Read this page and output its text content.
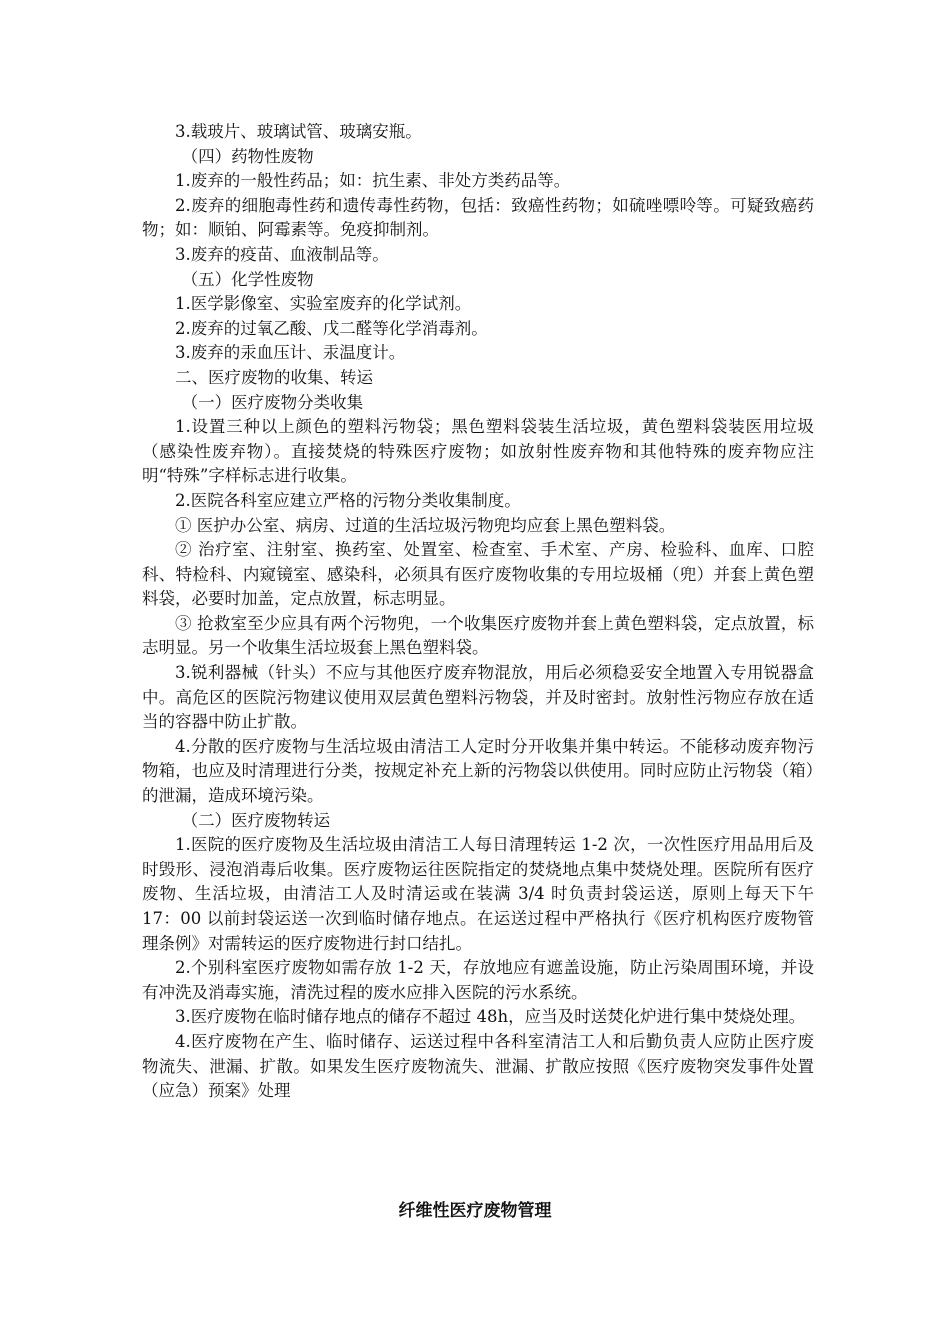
3.载玻片、玻璃试管、玻璃安瓶。

（四）药物性废物

1.废弃的一般性药品；如：抗生素、非处方类药品等。

2.废弃的细胞毒性药和遗传毒性药物，包括：致癌性药物；如硫唑嘌呤等。可疑致癌药物；如：顺铂、阿霉素等。免疫抑制剂。

3.废弃的疫苗、血液制品等。

（五）化学性废物

1.医学影像室、实验室废弃的化学试剂。

2.废弃的过氧乙酸、戊二醛等化学消毒剂。

3.废弃的汞血压计、汞温度计。

二、医疗废物的收集、转运

（一）医疗废物分类收集

1.设置三种以上颜色的塑料污物袋；黑色塑料袋装生活垃圾，黄色塑料袋装医用垃圾（感染性废弃物）。直接焚烧的特殊医疗废物；如放射性废弃物和其他特殊的废弃物应注明“特殊”字样标志进行收集。

2.医院各科室应建立严格的污物分类收集制度。

① 医护办公室、病房、过道的生活垃圾污物兜均应套上黑色塑料袋。

② 治疗室、注射室、换药室、处置室、检查室、手术室、产房、检验科、血库、口腔科、特检科、内窥镜室、感染科，必须具有医疗废物收集的专用垃圾桶（兜）并套上黄色塑料袋，必要时加盖，定点放置，标志明显。

③ 抢救室至少应具有两个污物兜，一个收集医疗废物并套上黄色塑料袋，定点放置，标志明显。另一个收集生活垃圾套上黑色塑料袋。

3.锐利器械（针头）不应与其他医疗废弃物混放，用后必须稳妥安全地置入专用锐器盒中。高危区的医院污物建议使用双层黄色塑料污物袋，并及时密封。放射性污物应存放在适当的容器中防止扩散。

4.分散的医疗废物与生活垃圾由清洁工人定时分开收集并集中转运。不能移动废弃物污物箱，也应及时清理进行分类，按规定补充上新的污物袋以供使用。同时应防止污物袋（箱）的泄漏，造成环境污染。

（二）医疗废物转运

1.医院的医疗废物及生活垃圾由清洁工人每日清理转运 1-2 次，一次性医疗用品用后及时毁形、浸泡消毒后收集。医疗废物运往医院指定的焚烧地点集中焚烧处理。医院所有医疗废物、生活垃圾，由清洁工人及时清运或在装满 3/4 时负责封袋运送，原则上每天下午 17：00 以前封袋运送一次到临时储存地点。在运送过程中严格执行《医疗机构医疗废物管理条例》对需转运的医疗废物进行封口结扎。

2.个别科室医疗废物如需存放 1-2 天，存放地应有遮盖设施，防止污染周围环境，并设有冲洗及消毒实施，清洗过程的废水应排入医院的污水系统。

3.医疗废物在临时储存地点的储存不超过 48h，应当及时送焚化炉进行集中焚烧处理。

4.医疗废物在产生、临时储存、运送过程中各科室清洁工人和后勤负责人应防止医疗废物流失、泄漏、扩散。如果发生医疗废物流失、泄漏、扩散应按照《医疗废物突发事件处置（应急）预案》处理

纤维性医疗废物管理
